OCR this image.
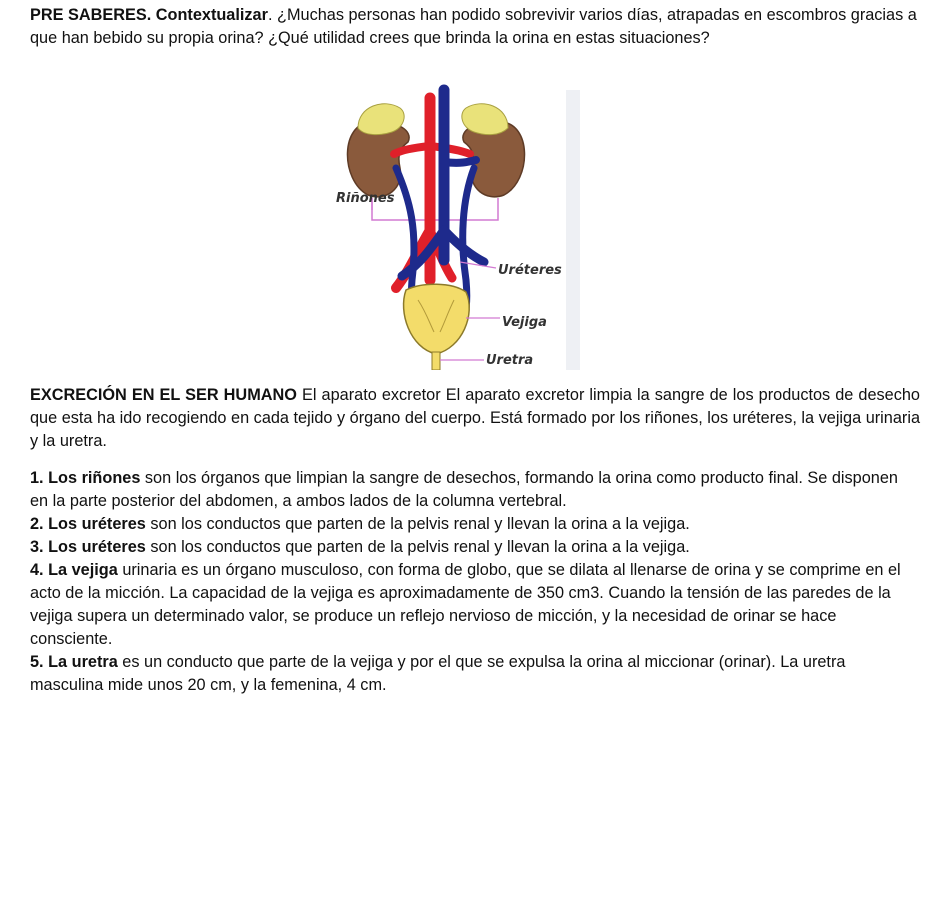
PRE SABERES. Contextualizar. ¿Muchas personas han podido sobrevivir varios días, atrapadas en escombros gracias a que han bebido su propia orina? ¿Qué utilidad crees que brinda la orina en estas situaciones?

Riñones
Uréteres
Vejiga
Uretra

EXCRECIÓN EN EL SER HUMANO El aparato excretor El aparato excretor limpia la sangre de los productos de desecho que esta ha ido recogiendo en cada tejido y órgano del cuerpo. Está formado por los riñones, los uréteres, la vejiga urinaria y la uretra.

1. Los riñones son los órganos que limpian la sangre de desechos, formando la orina como producto final. Se disponen en la parte posterior del abdomen, a ambos lados de la columna vertebral.

2. Los uréteres son los conductos que parten de la pelvis renal y llevan la orina a la vejiga.

3. Los uréteres son los conductos que parten de la pelvis renal y llevan la orina a la vejiga.

4. La vejiga urinaria es un órgano musculoso, con forma de globo, que se dilata al llenarse de orina y se comprime en el acto de la micción. La capacidad de la vejiga es aproximadamente de 350 cm3. Cuando la tensión de las paredes de la vejiga supera un determinado valor, se produce un reflejo nervioso de micción, y la necesidad de orinar se hace consciente.

5. La uretra es un conducto que parte de la vejiga y por el que se expulsa la orina al miccionar (orinar). La uretra masculina mide unos 20 cm, y la femenina, 4 cm.
